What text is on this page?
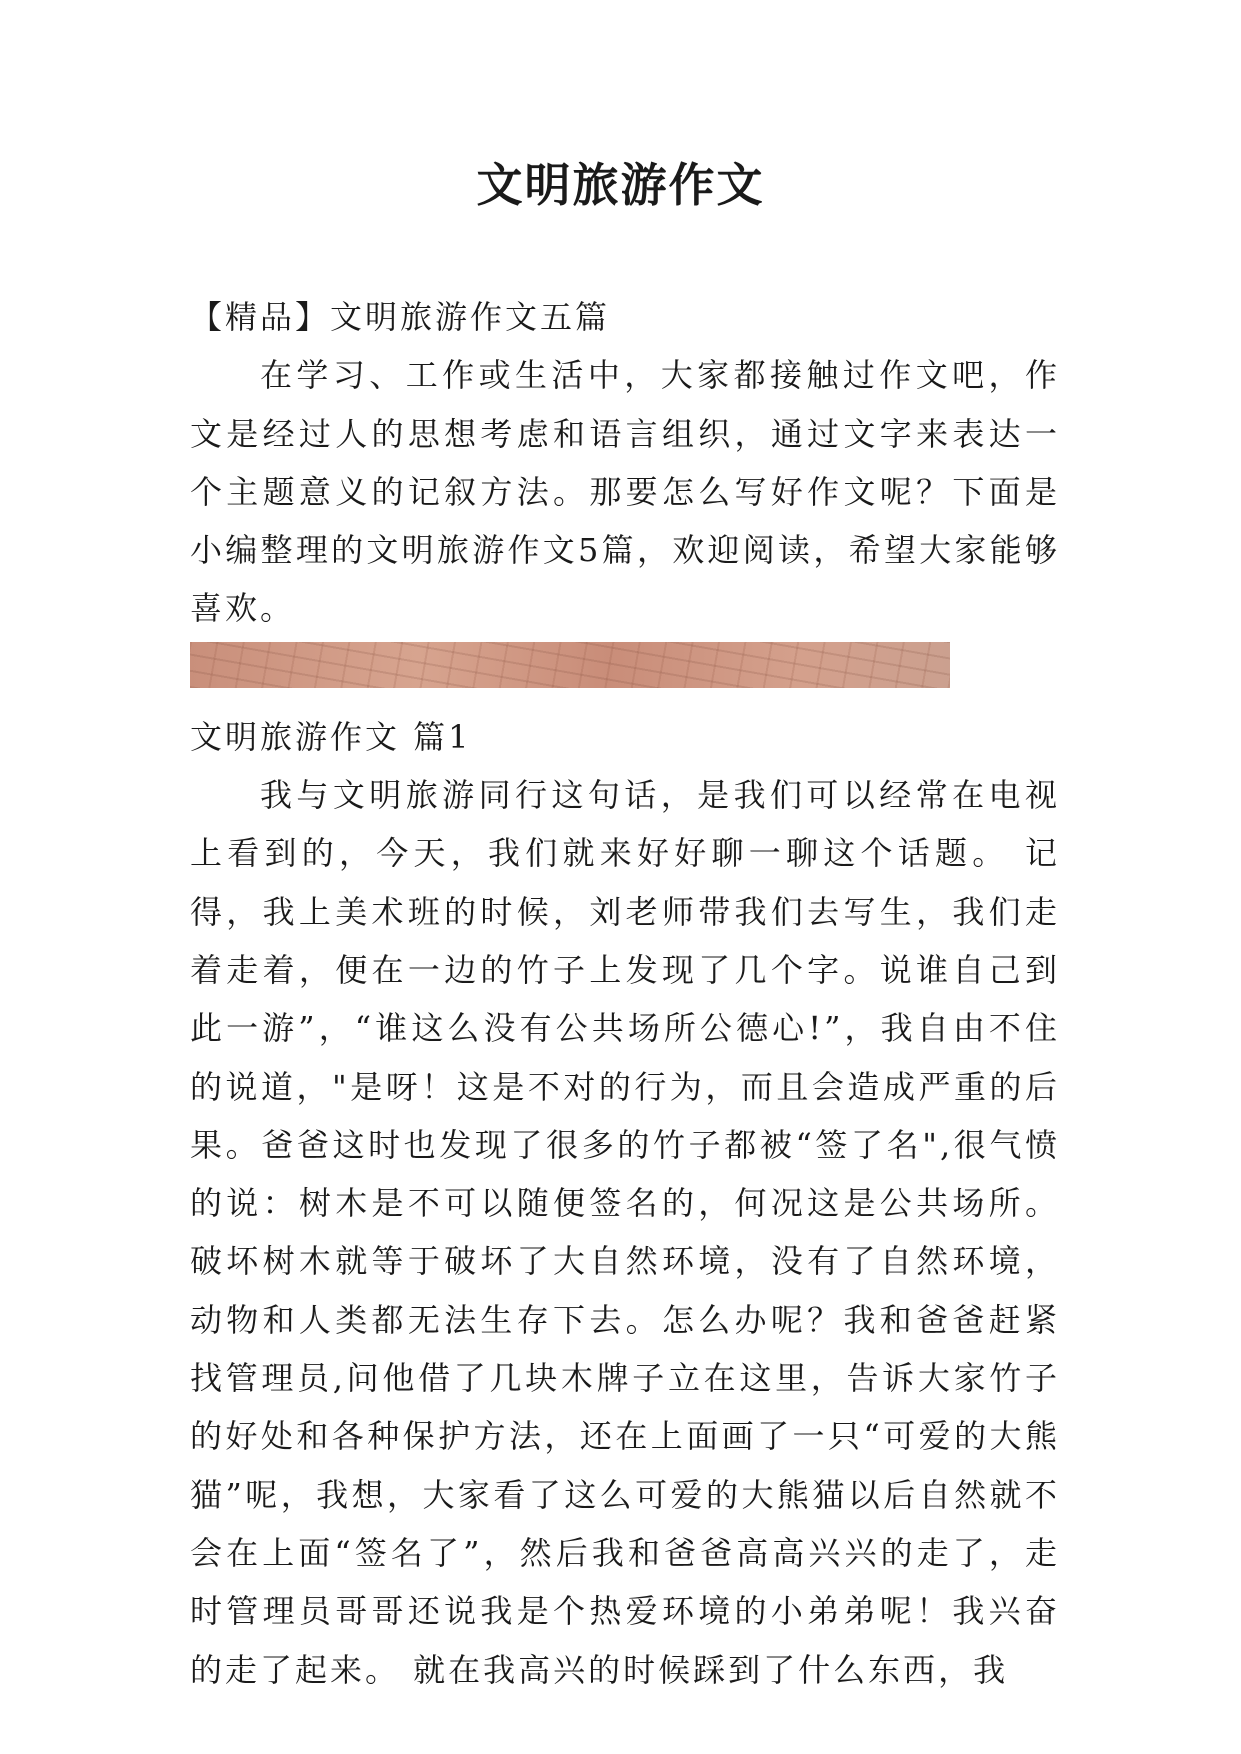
文明旅游作文

【精品】文明旅游作文五篇

在学习、工作或生活中，大家都接触过作文吧，作文是经过人的思想考虑和语言组织，通过文字来表达一个主题意义的记叙方法。那要怎么写好作文呢？下面是小编整理的文明旅游作文5篇，欢迎阅读，希望大家能够喜欢。

文明旅游作文 篇1

我与文明旅游同行这句话，是我们可以经常在电视上看到的，今天，我们就来好好聊一聊这个话题。 记得，我上美术班的时候，刘老师带我们去写生，我们走着走着，便在一边的竹子上发现了几个字。说谁自己到此一游”，“谁这么没有公共场所公德心!”，我自由不住的说道，"是呀！这是不对的行为，而且会造成严重的后果。爸爸这时也发现了很多的竹子都被“签了名",很气愤的说：树木是不可以随便签名的，何况这是公共场所。破坏树木就等于破坏了大自然环境，没有了自然环境，动物和人类都无法生存下去。怎么办呢？我和爸爸赶紧找管理员,问他借了几块木牌子立在这里，告诉大家竹子的好处和各种保护方法，还在上面画了一只“可爱的大熊猫”呢，我想，大家看了这么可爱的大熊猫以后自然就不会在上面“签名了”，然后我和爸爸高高兴兴的走了，走时管理员哥哥还说我是个热爱环境的小弟弟呢！我兴奋的走了起来。 就在我高兴的时候踩到了什么东西，我
